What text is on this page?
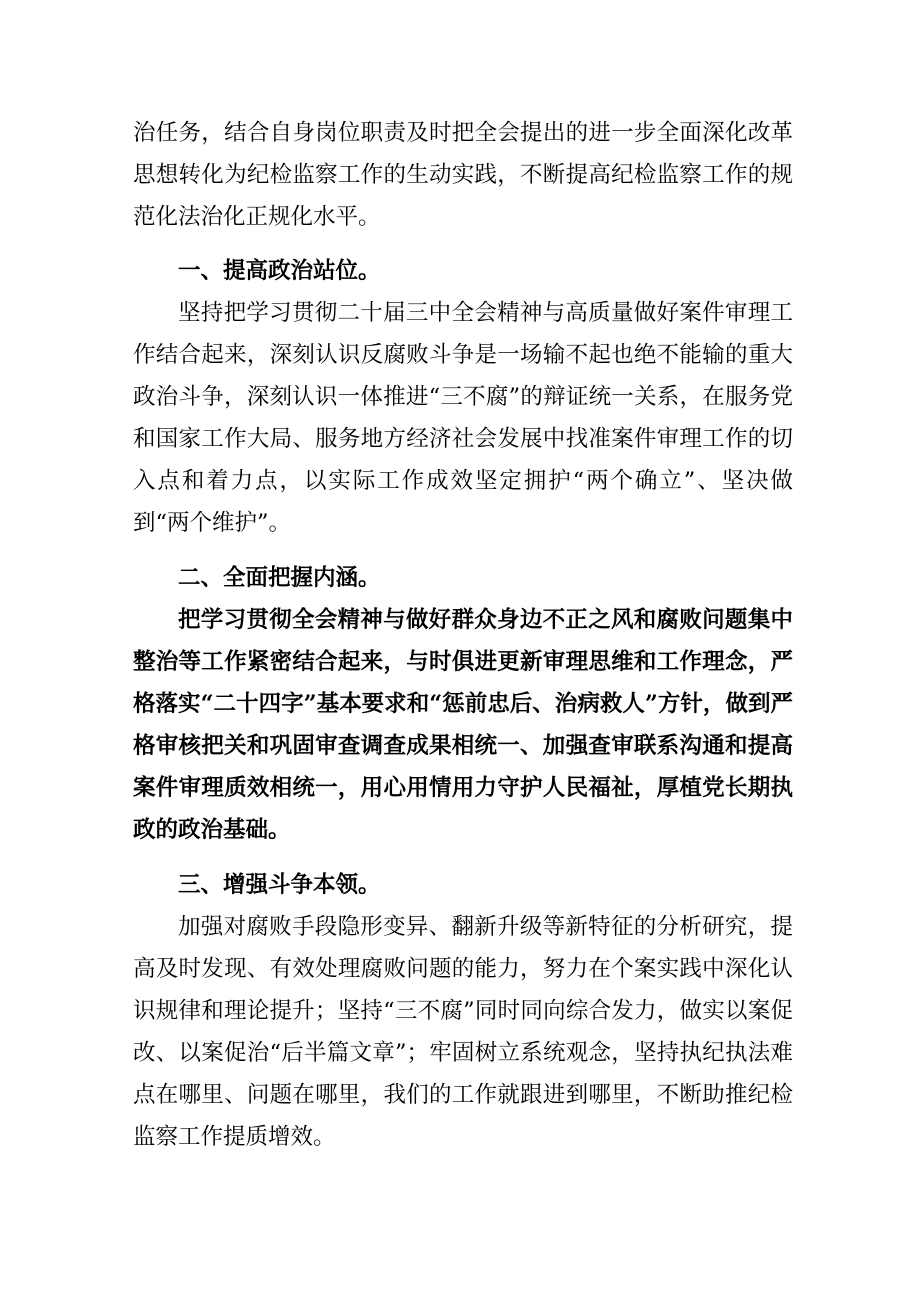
治任务，结合自身岗位职责及时把全会提出的进一步全面深化改革思想转化为纪检监察工作的生动实践，不断提高纪检监察工作的规范化法治化正规化水平。

一、提高政治站位。

坚持把学习贯彻二十届三中全会精神与高质量做好案件审理工作结合起来，深刻认识反腐败斗争是一场输不起也绝不能输的重大政治斗争，深刻认识一体推进“三不腐”的辩证统一关系，在服务党和国家工作大局、服务地方经济社会发展中找准案件审理工作的切入点和着力点，以实际工作成效坚定拥护“两个确立”、坚决做到“两个维护”。

二、全面把握内涵。

把学习贯彻全会精神与做好群众身边不正之风和腐败问题集中整治等工作紧密结合起来，与时俱进更新审理思维和工作理念，严格落实“二十四字”基本要求和“惩前忠后、治病救人”方针，做到严格审核把关和巩固审查调查成果相统一、加强查审联系沟通和提高案件审理质效相统一，用心用情用力守护人民福祉，厚植党长期执政的政治基础。

三、增强斗争本领。

加强对腐败手段隐形变异、翻新升级等新特征的分析研究，提高及时发现、有效处理腐败问题的能力，努力在个案实践中深化认识规律和理论提升；坚持“三不腐”同时同向综合发力，做实以案促改、以案促治“后半篇文章”；牢固树立系统观念，坚持执纪执法难点在哪里、问题在哪里，我们的工作就跟进到哪里，不断助推纪检监察工作提质增效。
